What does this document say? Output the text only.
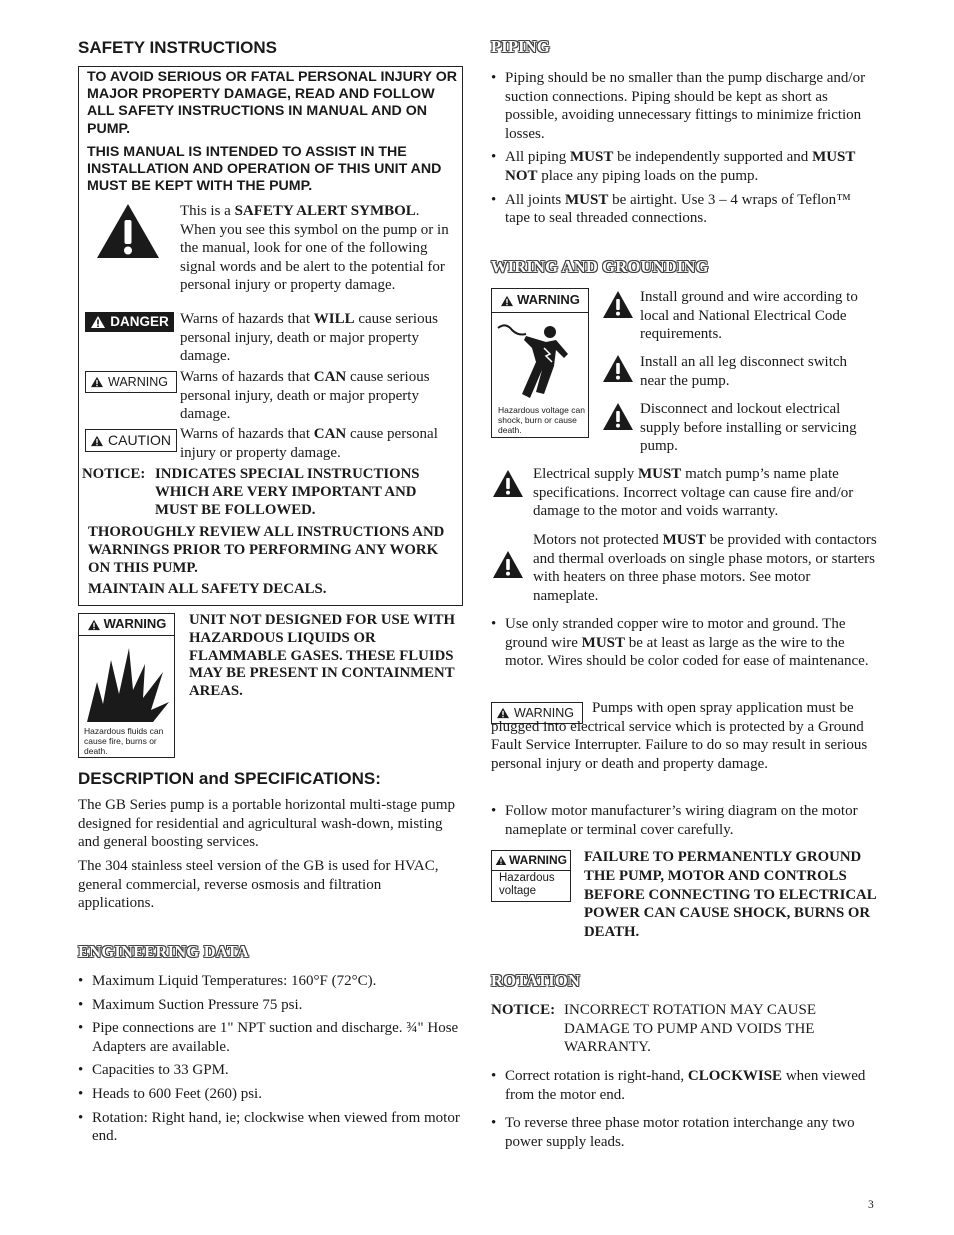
SAFETY INSTRUCTIONS
TO AVOID SERIOUS OR FATAL PERSONAL INJURY OR MAJOR PROPERTY DAMAGE, READ AND FOLLOW ALL SAFETY INSTRUCTIONS IN MANUAL AND ON PUMP.
THIS MANUAL IS INTENDED TO ASSIST IN THE INSTALLATION AND OPERATION OF THIS UNIT AND MUST BE KEPT WITH THE PUMP.
This is a SAFETY ALERT SYMBOL. When you see this symbol on the pump or in the manual, look for one of the following signal words and be alert to the potential for personal injury or property damage.
DANGER Warns of hazards that WILL cause serious personal injury, death or major property damage.
WARNING Warns of hazards that CAN cause serious personal injury, death or major property damage.
CAUTION Warns of hazards that CAN cause personal injury or property damage.
NOTICE: INDICATES SPECIAL INSTRUCTIONS WHICH ARE VERY IMPORTANT AND MUST BE FOLLOWED.
THOROUGHLY REVIEW ALL INSTRUCTIONS AND WARNINGS PRIOR TO PERFORMING ANY WORK ON THIS PUMP.
MAINTAIN ALL SAFETY DECALS.
WARNING
Hazardous fluids can cause fire, burns or death.
UNIT NOT DESIGNED FOR USE WITH HAZARDOUS LIQUIDS OR FLAMMABLE GASES. THESE FLUIDS MAY BE PRESENT IN CONTAINMENT AREAS.
DESCRIPTION and SPECIFICATIONS:
The GB Series pump is a portable horizontal multi-stage pump designed for residential and agricultural wash-down, misting and general boosting services.
The 304 stainless steel version of the GB is used for HVAC, general commercial, reverse osmosis and filtration applications.
ENGINEERING DATA
• Maximum Liquid Temperatures: 160°F (72°C).
• Maximum Suction Pressure 75 psi.
• Pipe connections are 1" NPT suction and discharge. ¾" Hose Adapters are available.
• Capacities to 33 GPM.
• Heads to 600 Feet (260) psi.
• Rotation: Right hand, ie; clockwise when viewed from motor end.
PIPING
• Piping should be no smaller than the pump discharge and/or suction connections. Piping should be kept as short as possible, avoiding unnecessary fittings to minimize friction losses.
• All piping MUST be independently supported and MUST NOT place any piping loads on the pump.
• All joints MUST be airtight. Use 3 – 4 wraps of Teflon™ tape to seal threaded connections.
WIRING AND GROUNDING
WARNING
Hazardous voltage can shock, burn or cause death.
Install ground and wire according to local and National Electrical Code requirements.
Install an all leg disconnect switch near the pump.
Disconnect and lockout electrical supply before installing or servicing pump.
Electrical supply MUST match pump’s name plate specifications. Incorrect voltage can cause fire and/or damage to the motor and voids warranty.
Motors not protected MUST be provided with contactors and thermal overloads on single phase motors, or starters with heaters on three phase motors. See motor nameplate.
• Use only stranded copper wire to motor and ground. The ground wire MUST be at least as large as the wire to the motor. Wires should be color coded for ease of maintenance.
WARNING	Pumps with open spray application must be plugged into electrical service which is protected by a Ground Fault Service Interrupter. Failure to do so may result in serious personal injury or death and property damage.
• Follow motor manufacturer’s wiring diagram on the motor nameplate or terminal cover carefully.
WARNING
Hazardous voltage
FAILURE TO PERMANENTLY GROUND THE PUMP, MOTOR AND CONTROLS BEFORE CONNECTING TO ELECTRICAL POWER CAN CAUSE SHOCK, BURNS OR DEATH.
ROTATION
NOTICE: INCORRECT ROTATION MAY CAUSE DAMAGE TO PUMP AND VOIDS THE WARRANTY.
• Correct rotation is right-hand, CLOCKWISE when viewed from the motor end.
• To reverse three phase motor rotation interchange any two power supply leads.
3
